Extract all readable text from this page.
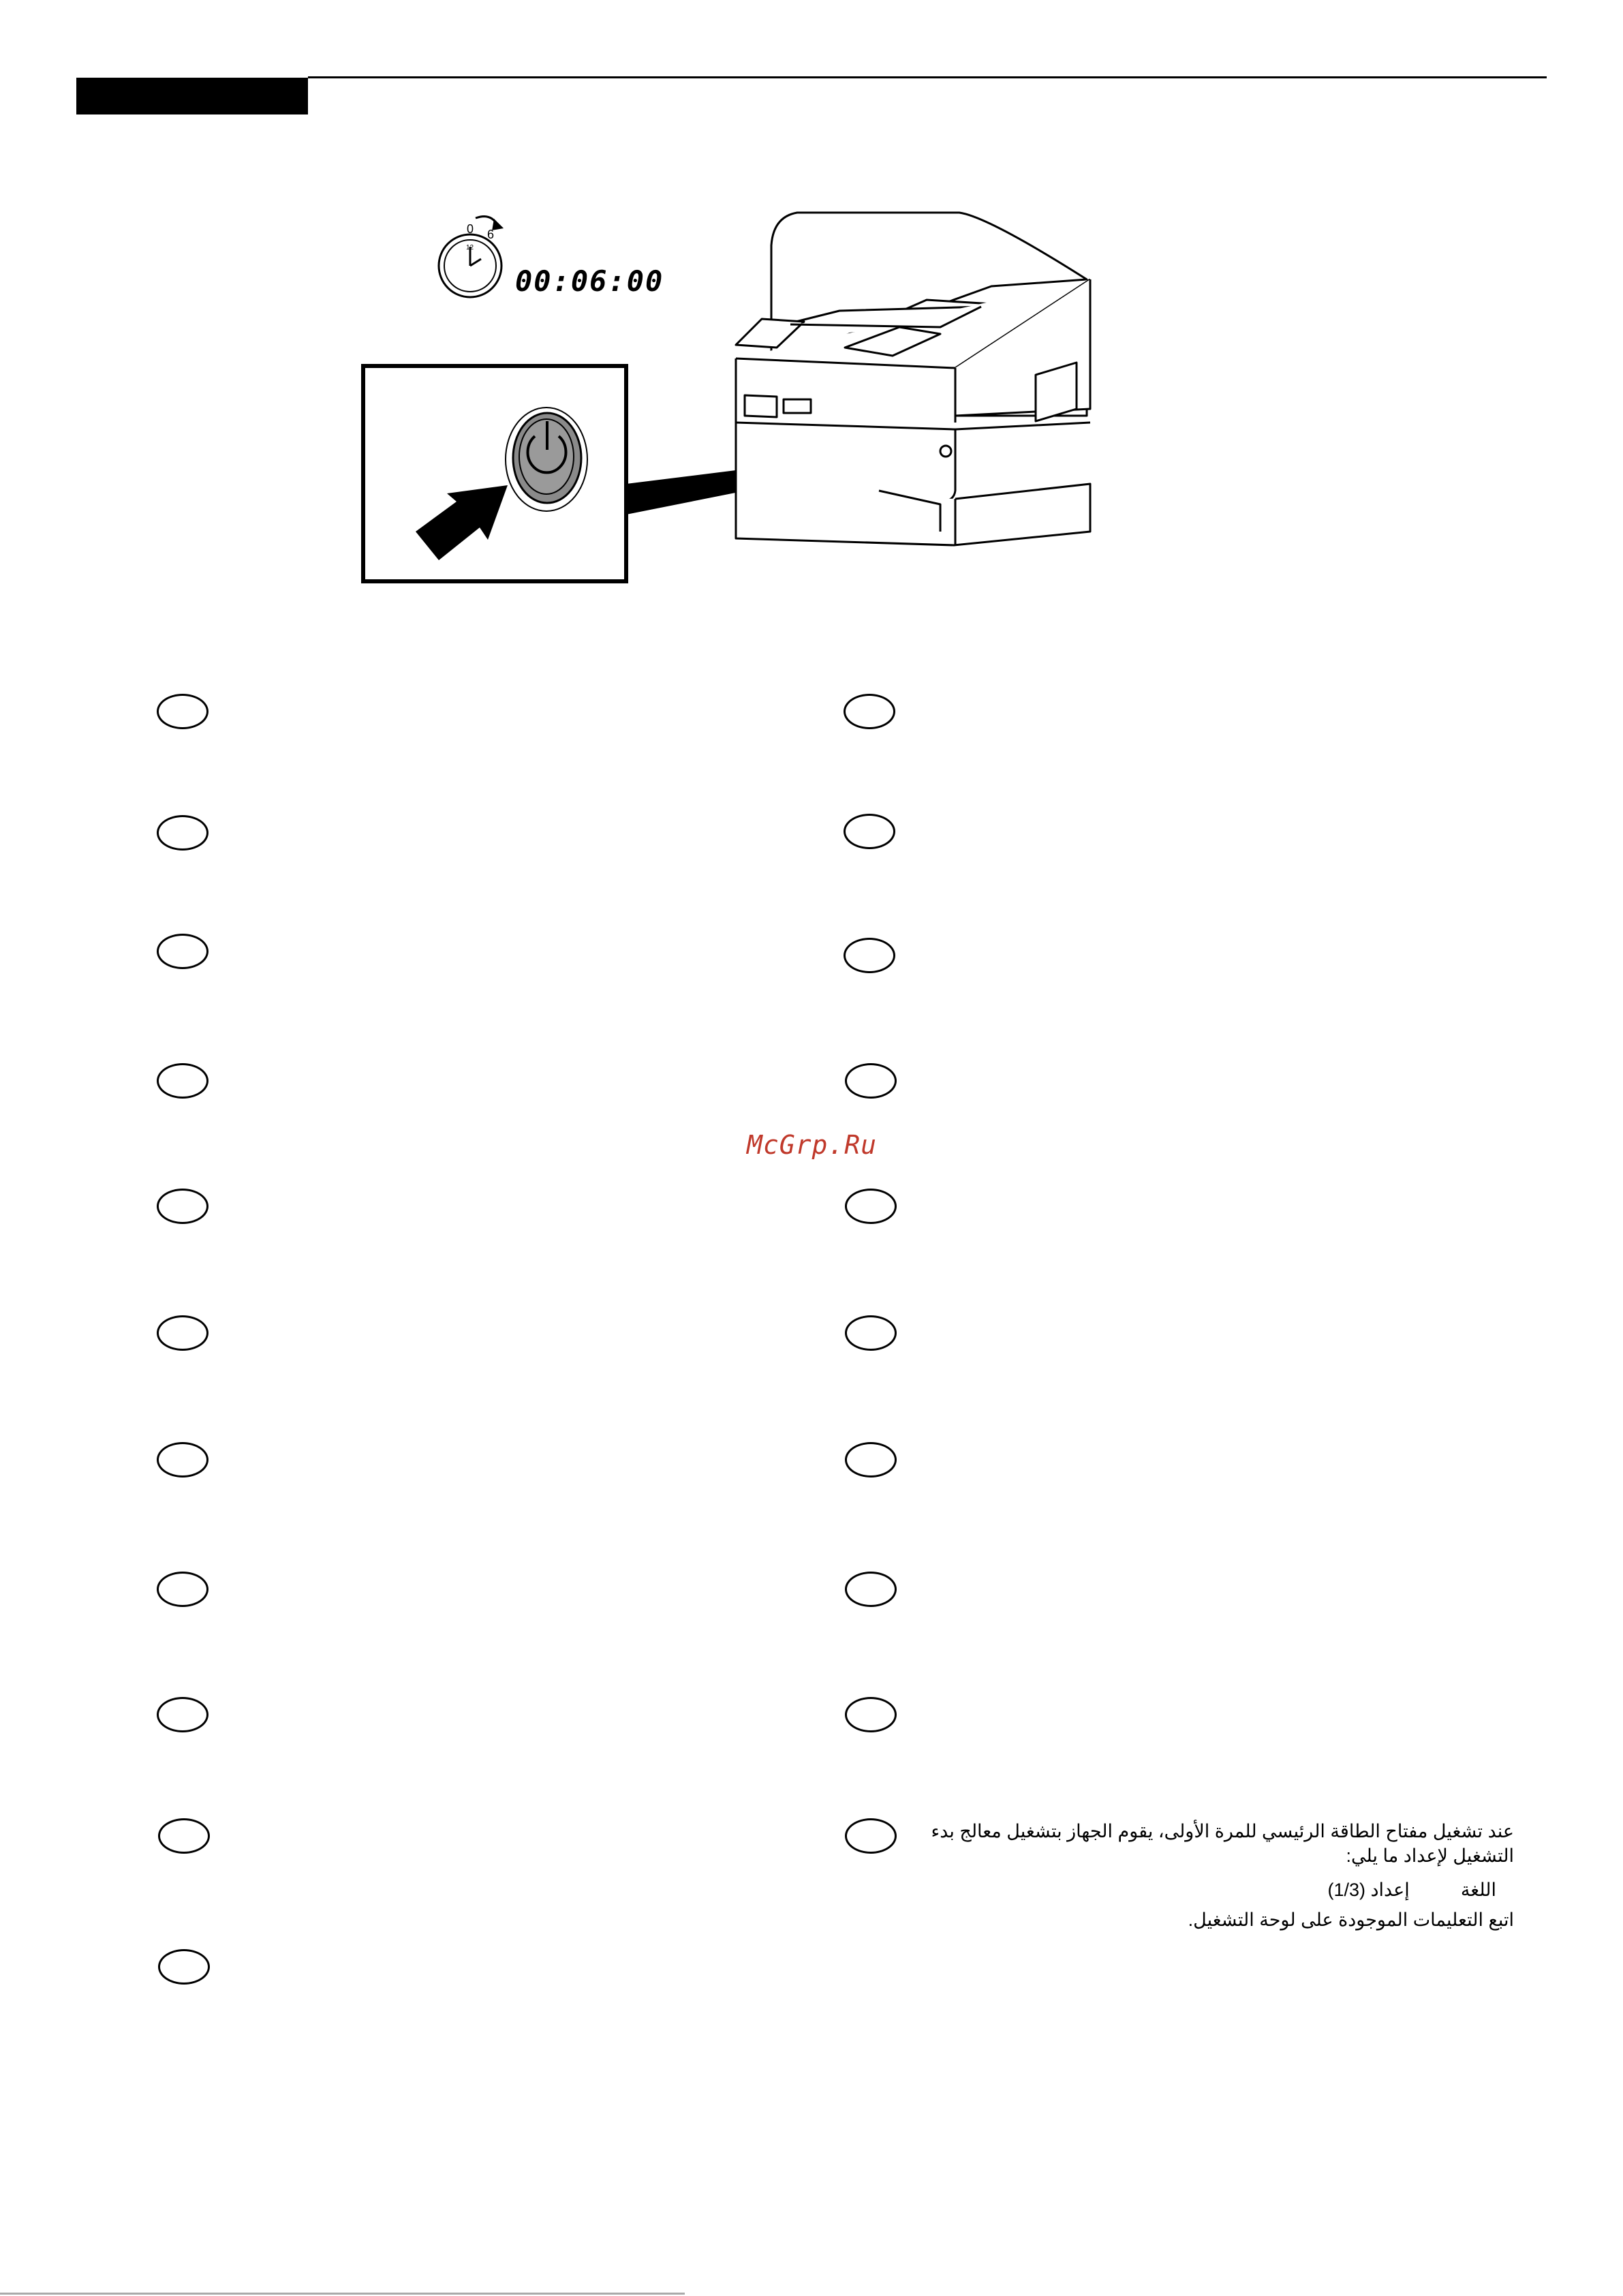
0 6
12
00:06:00
McGrp.Ru
عند تشغيل مفتاح الطاقة الرئيسي للمرة الأولى، يقوم الجهاز بتشغيل معالج بدء
التشغيل لإعداد ما يلي:
اللغة  إعداد (1/3)
اتبع التعليمات الموجودة على لوحة التشغيل.
